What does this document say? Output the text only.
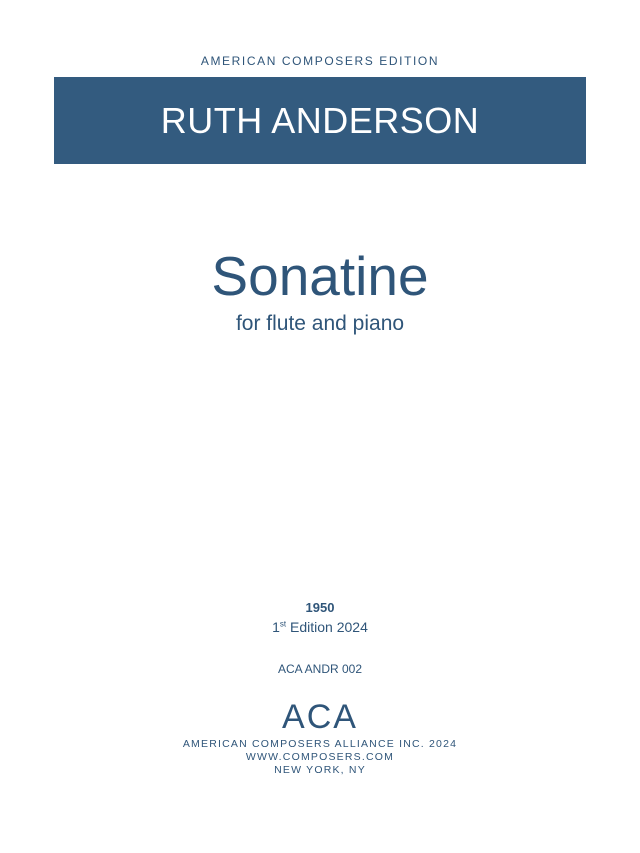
AMERICAN COMPOSERS EDITION
RUTH ANDERSON
Sonatine
for flute and piano
1950
1st Edition 2024
ACA ANDR 002
ACA
AMERICAN COMPOSERS ALLIANCE INC. 2024
WWW.COMPOSERS.COM
NEW YORK, NY
